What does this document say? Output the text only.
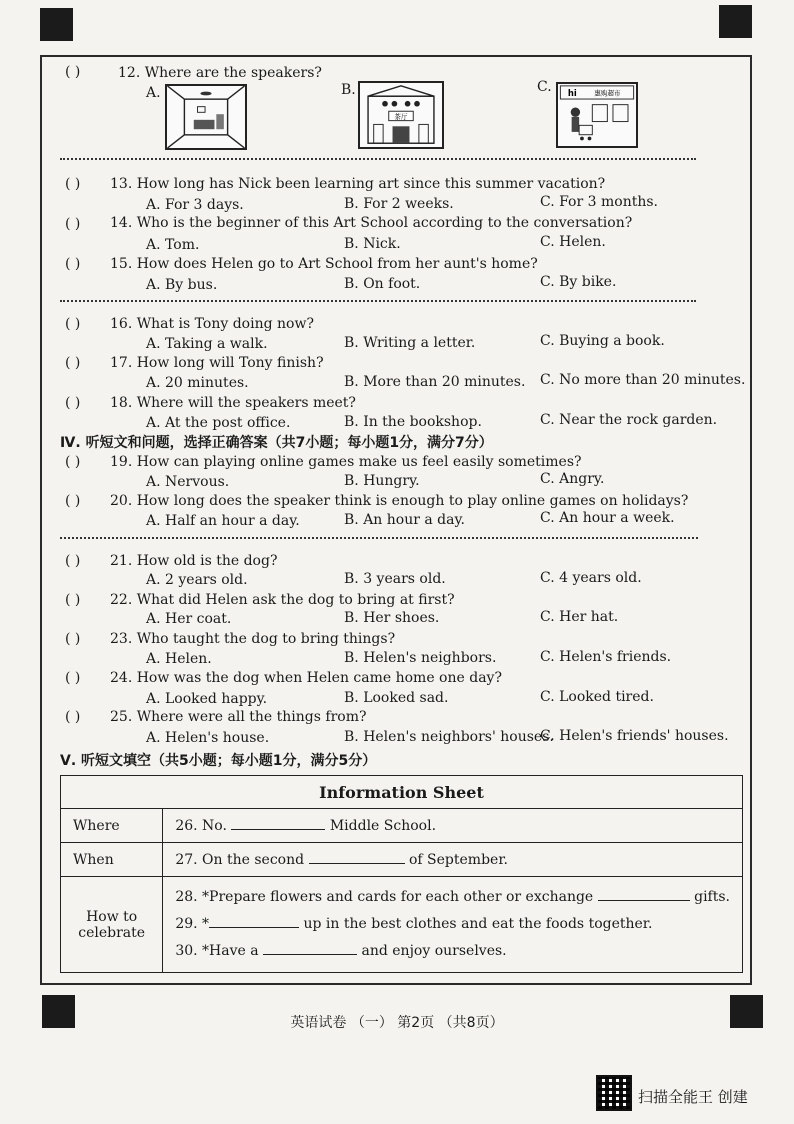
( )	12. Where are the speakers?
A.	B.	C.
茶厅
hi 惠购超市
( ) 13. How long has Nick been learning art since this summer vacation?
A. For 3 days.	B. For 2 weeks.	C. For 3 months.
( ) 14. Who is the beginner of this Art School according to the conversation?
A. Tom.	B. Nick.	C. Helen.
( ) 15. How does Helen go to Art School from her aunt's home?
A. By bus.	B. On foot.	C. By bike.
( ) 16. What is Tony doing now?
A. Taking a walk.	B. Writing a letter.	C. Buying a book.
( ) 17. How long will Tony finish?
A. 20 minutes.	B. More than 20 minutes. C. No more than 20 minutes.
( ) 18. Where will the speakers meet?
A. At the post office.	B. In the bookshop.	C. Near the rock garden.
Ⅳ. 听短文和问题，选择正确答案（共7小题；每小题1分，满分7分）
( ) 19. How can playing online games make us feel easily sometimes?
A. Nervous.	B. Hungry.	C. Angry.
( ) 20. How long does the speaker think is enough to play online games on holidays?
A. Half an hour a day.	B. An hour a day.	C. An hour a week.
( ) 21. How old is the dog?
A. 2 years old.	B. 3 years old.	C. 4 years old.
( ) 22. What did Helen ask the dog to bring at first?
A. Her coat.	B. Her shoes.	C. Her hat.
( ) 23. Who taught the dog to bring things?
A. Helen.	B. Helen's neighbors.	C. Helen's friends.
( ) 24. How was the dog when Helen came home one day?
A. Looked happy.	B. Looked sad.	C. Looked tired.
( ) 25. Where were all the things from?
A. Helen's house.	B. Helen's neighbors' houses.
C. Helen's friends' houses.
Ⅴ. 听短文填空（共5小题；每小题1分，满分5分）
Information Sheet	
Where	26. No. Middle School.
When	27. On the second of September.
How to celebrate	28. *Prepare flowers and cards for each other or exchange gifts.
29. * up in the best clothes and eat the foods together.
30. *Have a and enjoy ourselves.
英语试卷 （一） 第2页 （共8页）
扫描全能王 创建
